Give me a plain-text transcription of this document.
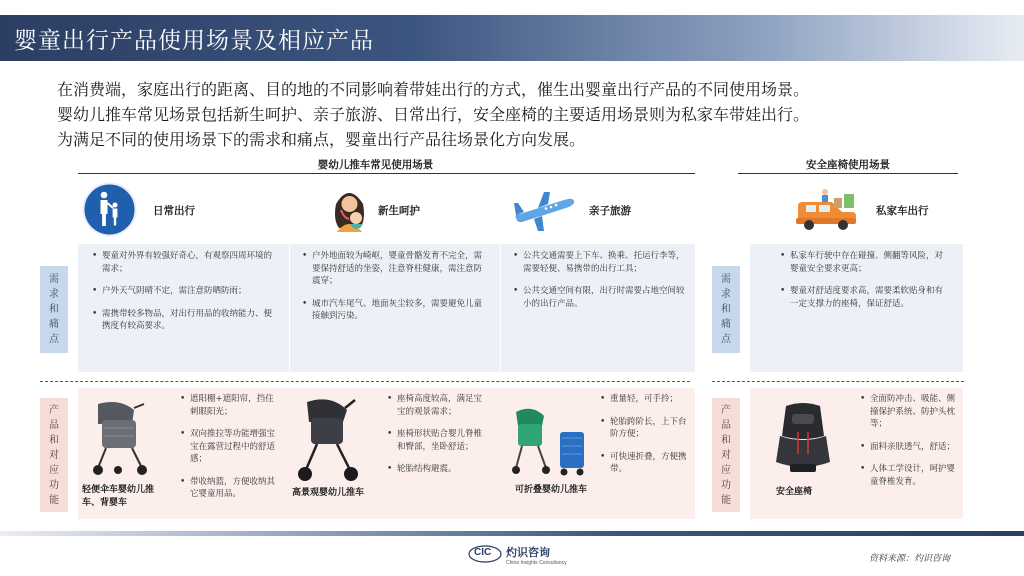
婴童出行产品使用场景及相应产品
在消费端，家庭出行的距离、目的地的不同影响着带娃出行的方式，催生出婴童出行产品的不同使用场景。
婴幼儿推车常见场景包括新生呵护、亲子旅游、日常出行，安全座椅的主要适用场景则为私家车带娃出行。
为满足不同的使用场景下的需求和痛点，婴童出行产品往场景化方向发展。
婴幼儿推车常见使用场景	安全座椅使用场景
日常出行	新生呵护	亲子旅游	私家车出行
需求和痛点
需求和痛点
产品和对应功能
产品和对应功能
• 婴童对外界有较强好奇心，有观察四周环境的需求；
• 户外天气阴晴不定，需注意防晒防雨；
• 需携带较多物品，对出行用品的收纳能力、便携度有较高要求。
• 户外地面较为崎岖，婴童骨骼发育不完全，需要保持舒适的坐姿，注意脊柱健康，需注意防震穿；
• 城市汽车尾气、地面灰尘较多，需要避免儿童接触到污染。
• 公共交通需要上下车、换乘、托运行李等，需要轻便、易携带的出行工具；
• 公共交通空间有限，出行时需要占地空间较小的出行产品。
• 私家车行驶中存在碰撞、侧翻等风险，对婴童安全要求更高；
• 婴童对舒适度要求高，需要柔软贴身和有一定支撑力的座椅，保证舒适。
轻便伞车婴幼儿推车、背婴车
• 遮阳棚+遮阳帘，挡住刺眼阳光；
• 双向推拉等功能增强宝宝在露营过程中的舒适感；
• 带收纳篮，方便收纳其它婴童用品。	高景观婴幼儿推车
• 座椅高度较高，满足宝宝的观景需求；
• 座椅形状贴合婴儿脊椎和臀部，坐卧舒适；
• 轮胎结构避震。
可折叠婴幼儿推车
• 重量轻，可手拎；
• 轮胎跨阶长，上下台阶方便；
• 可快速折叠，方便携带。
安全座椅
• 全面防冲击、吸能、侧撞保护系统、防护头枕等；
• 面料亲肤透气，舒适；
• 人体工学设计，呵护婴童脊椎发育。
CIC 灼识咨询
China Insights Consultancy	资料来源：灼识咨询
